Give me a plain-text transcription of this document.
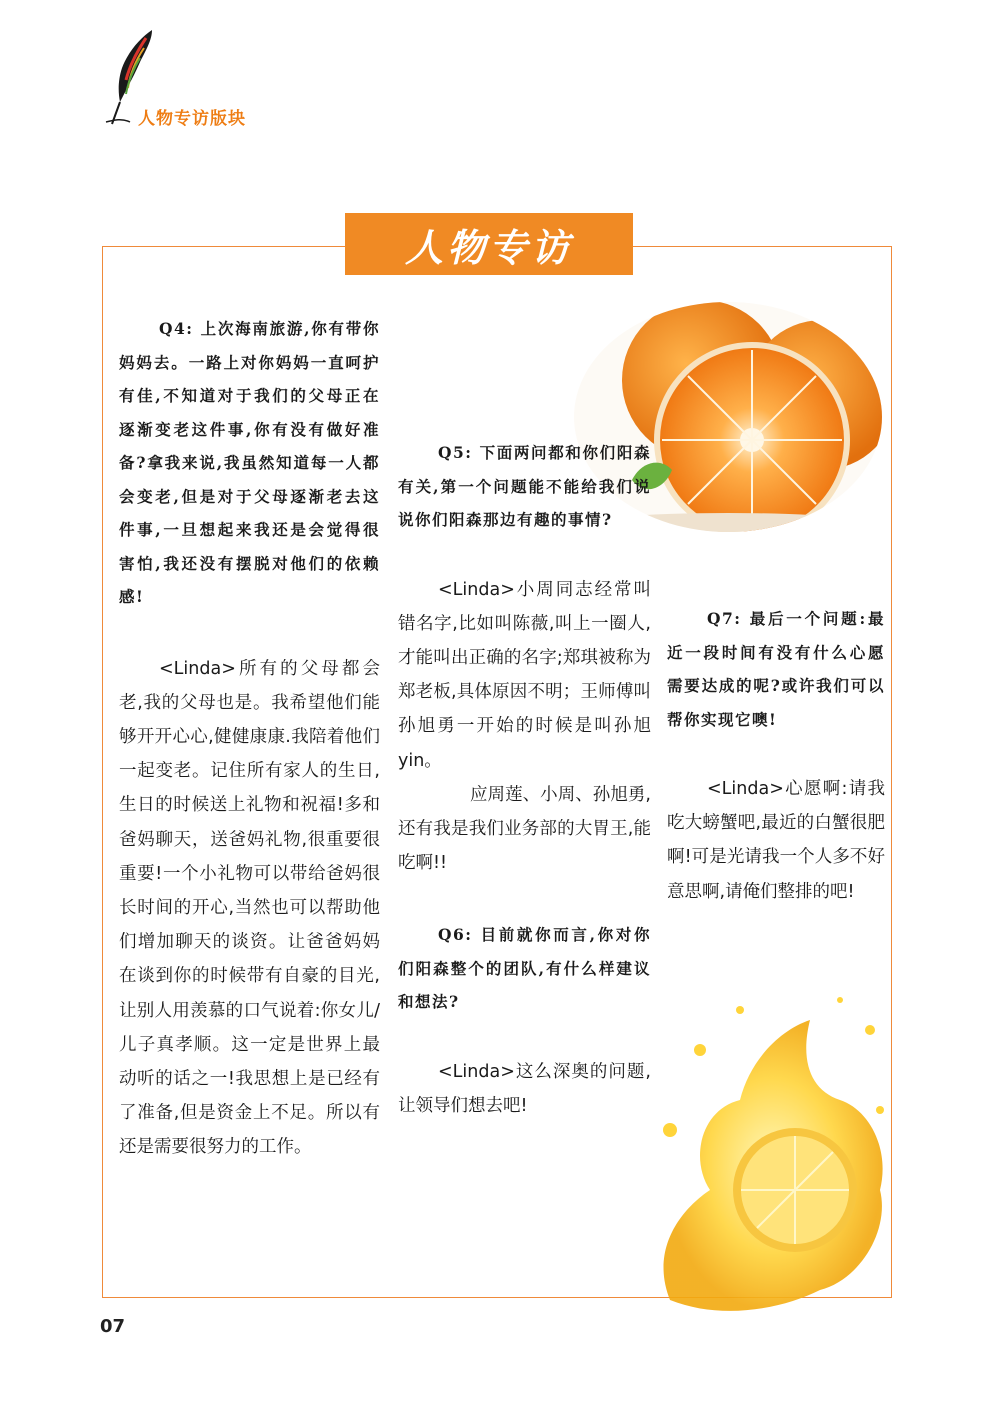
人物专访版块
人物专访

Q4: 上次海南旅游,你有带你妈妈去。一路上对你妈妈一直呵护有佳,不知道对于我们的父母正在逐渐变老这件事,你有没有做好准备?拿我来说,我虽然知道每一人都会变老,但是对于父母逐渐老去这件事,一旦想起来我还是会觉得很害怕,我还没有摆脱对他们的依赖感!

<Linda>所有的父母都会老,我的父母也是。我希望他们能够开开心心,健健康康.我陪着他们一起变老。记住所有家人的生日,生日的时候送上礼物和祝福!多和爸妈聊天，送爸妈礼物,很重要很重要!一个小礼物可以带给爸妈很长时间的开心,当然也可以帮助他们增加聊天的谈资。让爸爸妈妈在谈到你的时候带有自豪的目光,让别人用羡慕的口气说着:你女儿/儿子真孝顺。这一定是世界上最动听的话之一!我思想上是已经有了准备,但是资金上不足。所以有还是需要很努力的工作。

Q5: 下面两问都和你们阳森有关,第一个问题能不能给我们说说你们阳森那边有趣的事情?

<Linda>小周同志经常叫错名字,比如叫陈薇,叫上一圈人,才能叫出正确的名字;郑琪被称为郑老板,具体原因不明；王师傅叫孙旭勇一开始的时候是叫孙旭yin。

应周莲、小周、孙旭勇,还有我是我们业务部的大胃王,能吃啊!!

Q6: 目前就你而言,你对你们阳森整个的团队,有什么样建议和想法?

<Linda>这么深奥的问题,让领导们想去吧!

Q7: 最后一个问题:最近一段时间有没有什么心愿需要达成的呢?或许我们可以帮你实现它噢!

<Linda>心愿啊:请我吃大螃蟹吧,最近的白蟹很肥啊!可是光请我一个人多不好意思啊,请俺们整排的吧!

07
